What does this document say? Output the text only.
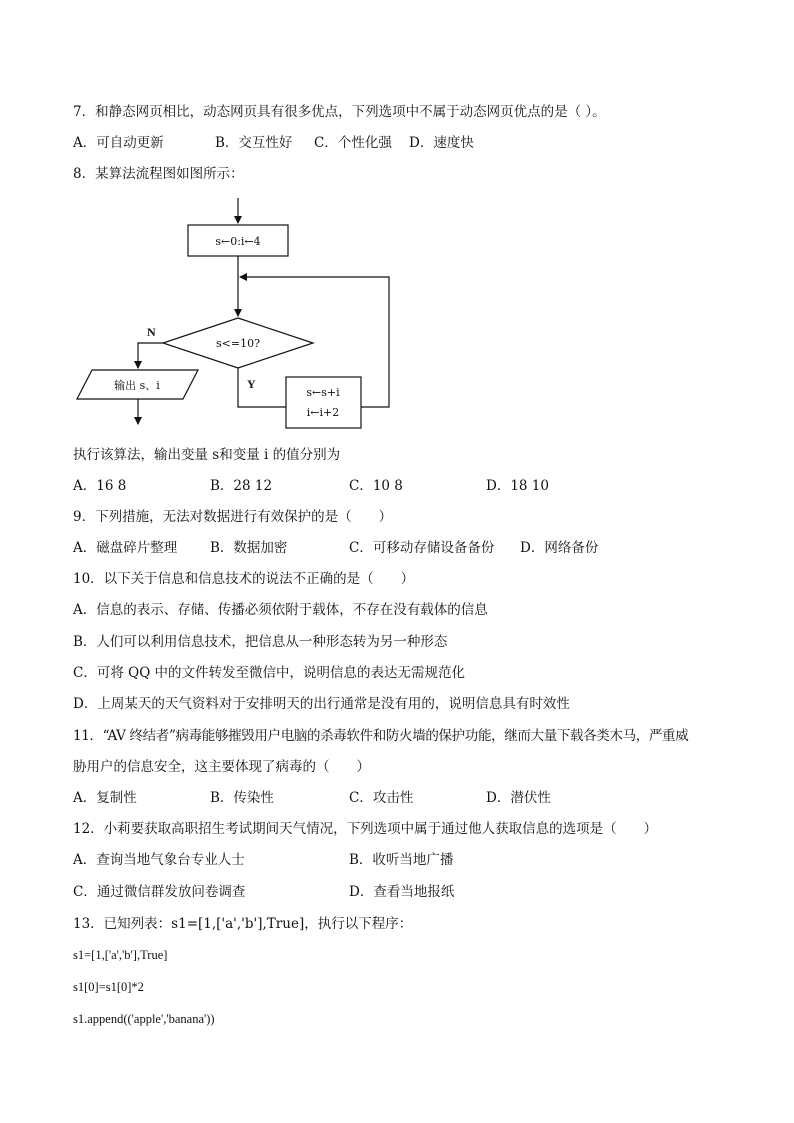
7．和静态网页相比，动态网页具有很多优点，下列选项中不属于动态网页优点的是（ ）。
A．可自动更新	B．交互性好 C．个性化强 D．速度快
8．某算法流程图如图所示：
s←0:i←4
s<=10?
N
Y
输出 s、i
s←s+i
i←i+2
执行该算法，输出变量 s和变量 i 的值分别为
A．16 8	B．28 12	C．10 8	D．18 10
9．下列措施，无法对数据进行有效保护的是（　　）
A．磁盘碎片整理 B．数据加密	C．可移动存储设备备份 D．网络备份
10．以下关于信息和信息技术的说法不正确的是（　　）
A．信息的表示、存储、传播必须依附于载体，不存在没有载体的信息
B．人们可以利用信息技术，把信息从一种形态转为另一种形态
C．可将 QQ 中的文件转发至微信中，说明信息的表达无需规范化
D．上周某天的天气资料对于安排明天的出行通常是没有用的，说明信息具有时效性
11．“AV 终结者”病毒能够摧毁用户电脑的杀毒软件和防火墙的保护功能，继而大量下载各类木马，严重威
胁用户的信息安全，这主要体现了病毒的（　　）
A．复制性	B．传染性	C．攻击性	D．潜伏性
12．小莉要获取高职招生考试期间天气情况，下列选项中属于通过他人获取信息的选项是（　　）
A．查询当地气象台专业人士	B．收听当地广播
C．通过微信群发放问卷调查	D．查看当地报纸
13．已知列表：s1=[1,['a','b'],True]，执行以下程序：
s1=[1,['a','b'],True]
s1[0]=s1[0]*2
s1.append(('apple','banana'))
